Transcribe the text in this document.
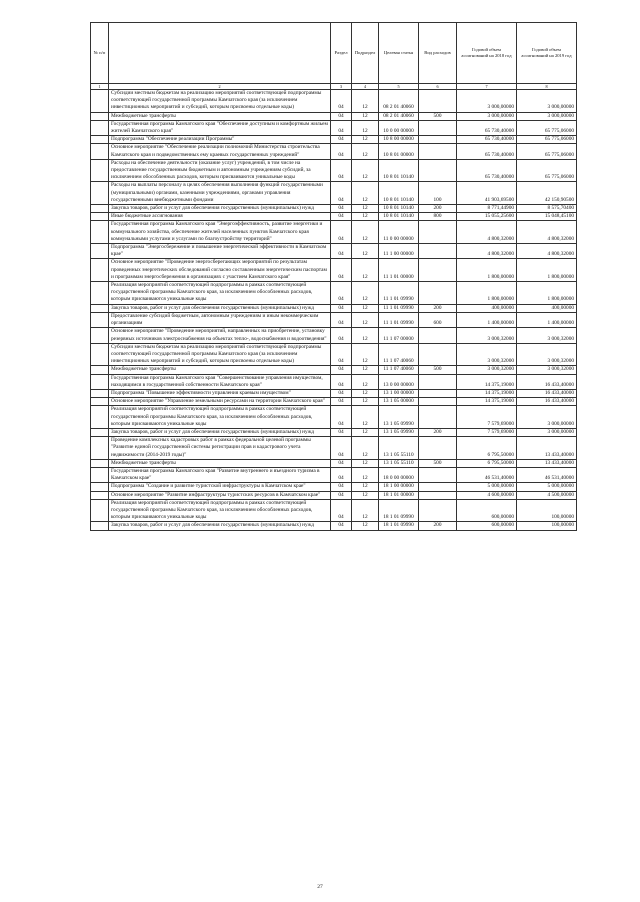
№ п/п		Раздел	Подраздел	Целевая статья	Вид расходов	Годовой объем ассигнований на 2018 год	Годовой объем ассигнований на 2019 год
1	2	3	4	5	6	7	8
	Субсидии местным бюджетам на реализацию мероприятий соответствующей подпрограммы соответствующей государственной программы Камчатского края (за исключением инвестиционных мероприятий и субсидий, которым присвоены отдельные коды)	04	12	08 2 01 40060		3 000,00000	3 000,00000
	Межбюджетные трансферты	04	12	08 2 01 40060	500	3 000,00000	3 000,00000
	Государственная программа Камчатского края "Обеспечение доступным и комфортным жильем жителей Камчатского края"	04	12	10 0 00 00000		65 730,40000	65 775,06000
	Подпрограмма "Обеспечение реализации Программы"	04	12	10 8 00 00000		65 730,40000	65 775,06000
	Основное мероприятие "Обеспечение реализации полномочий Министерства строительства Камчатского края и подведомственных ему краевых государственных учреждений"	04	12	10 8 01 00000		65 730,40000	65 775,06000
	Расходы на обеспечение деятельности (оказание услуг) учреждений, в том числе на предоставление государственным бюджетным и автономным учреждениям субсидий, за исключением обособленных расходов, которым присваиваются уникальные коды	04	12	10 8 01 10140		65 730,40000	65 775,06000
	Расходы на выплаты персоналу в целях обеспечения выполнения функций государственными (муниципальными) органами, казенными учреждениями, органами управления государственными внебюджетными фондами	04	12	10 8 01 10140	100	41 903,69500	42 150,90500
	Закупка товаров, работ и услуг для обеспечения государственных (муниципальных) нужд	04	12	10 8 01 10140	200	8 771,44900	8 575,70400
	Иные бюджетные ассигнования	04	12	10 8 01 10140	800	15 055,25600	15 048,45100
	Государственная программа Камчатского края "Энергоэффективность, развитие энергетики и коммунального хозяйства, обеспечение жителей населенных пунктов Камчатского края коммунальными услугами и услугами по благоустройству территорий"	04	12	11 0 00 00000		4 800,32000	4 800,32000
	Подпрограмма "Энергосбережение и повышение энергетической эффективности в Камчатском крае"	04	12	11 1 00 00000		4 800,32000	4 800,32000
	Основное мероприятие "Проведение энергосберегающих мероприятий по результатам проведенных энергетических обследований согласно составленным энергетическим паспортам и программам энергосбережения в организациях с участием Камчатского края"	04	12	11 1 01 00000		1 800,00000	1 800,00000
	Реализация мероприятий соответствующей подпрограммы в рамках соответствующей государственной программы Камчатского края, за исключением обособленных расходов, которым присваиваются уникальные коды	04	12	11 1 01 09990		1 800,00000	1 800,00000
	Закупка товаров, работ и услуг для обеспечения государственных (муниципальных) нужд	04	12	11 1 01 09990	200	400,00000	400,00000
	Предоставление субсидий бюджетным, автономным учреждениям и иным некоммерческим организациям	04	12	11 1 01 09990	600	1 400,00000	1 400,00000
	Основное мероприятие "Проведение мероприятий, направленных на приобретение, установку резервных источников электроснабжения на объектах тепло-, водоснабжения и водоотведения"	04	12	11 1 07 00000		3 000,32000	3 000,32000
	Субсидии местным бюджетам на реализацию мероприятий соответствующей подпрограммы соответствующей государственной программы Камчатского края (за исключением инвестиционных мероприятий и субсидий, которым присвоены отдельные коды)	04	12	11 1 07 40060		3 000,32000	3 000,32000
	Межбюджетные трансферты	04	12	11 1 07 40060	500	3 000,32000	3 000,32000
	Государственная программа Камчатского края "Совершенствование управления имуществом, находящимся в государственной собственности Камчатского края"	04	12	13 0 00 00000		14 375,19000	16 433,40000
	Подпрограмма "Повышение эффективности управления краевым имуществом"	04	12	13 1 00 00000		14 375,19000	16 433,40000
	Основное мероприятие "Управление земельными ресурсами на территории Камчатского края"	04	12	13 1 05 00000		14 375,19000	16 433,40000
	Реализация мероприятий соответствующей подпрограммы в рамках соответствующей государственной программы Камчатского края, за исключением обособленных расходов, которым присваиваются уникальные коды	04	12	13 1 05 09990		7 579,69000	3 000,00000
	Закупка товаров, работ и услуг для обеспечения государственных (муниципальных) нужд	04	12	13 1 05 09990	200	7 579,69000	3 000,00000
	Проведение комплексных кадастровых работ в рамках федеральной целевой программы "Развитие единой государственной системы регистрации прав и кадастрового учета недвижимости (2014-2019 годы)"	04	12	13 1 05 55110		6 795,50000	13 433,40000
	Межбюджетные трансферты	04	12	13 1 05 55110	500	6 795,50000	13 433,40000
	Государственная программа Камчатского края "Развитие внутреннего и въездного туризма в Камчатском крае"	04	12	18 0 00 00000		46 531,40000	46 531,40000
	Подпрограмма "Создание и развитие туристской инфраструктуры в Камчатском крае"	04	12	18 1 00 00000		5 000,00000	5 000,00000
	Основное мероприятие "Развитие инфраструктуры туристских ресурсов в Камчатском крае"	04	12	18 1 01 00000		4 600,00000	4 500,00000
	Реализация мероприятий соответствующей подпрограммы в рамках соответствующей государственной программы Камчатского края, за исключением обособленных расходов, которым присваиваются уникальные коды	04	12	18 1 01 09990		600,00000	100,00000
	Закупка товаров, работ и услуг для обеспечения государственных (муниципальных) нужд	04	12	18 1 01 09990	200	600,00000	100,00000
27
